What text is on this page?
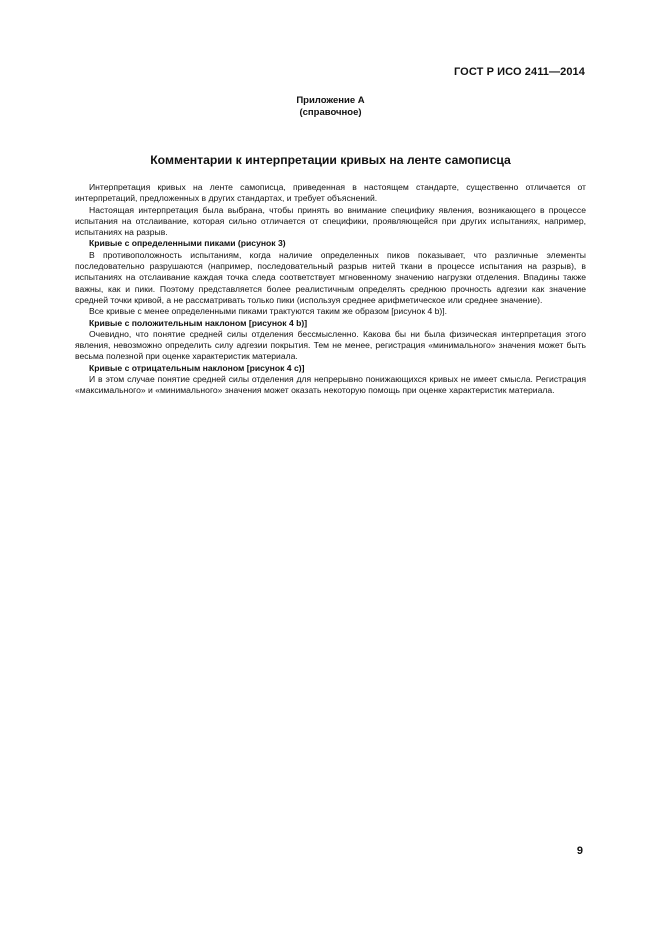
ГОСТ Р ИСО 2411—2014
Приложение А
(справочное)
Комментарии к интерпретации кривых на ленте самописца

Интерпретация кривых на ленте самописца, приведенная в настоящем стандарте, существенно отличается от интерпретаций, предложенных в других стандартах, и требует объяснений.

Настоящая интерпретация была выбрана, чтобы принять во внимание специфику явления, возникающего в процессе испытания на отслаивание, которая сильно отличается от специфики, проявляющейся при других испытаниях, например, испытаниях на разрыв.

Кривые с определенными пиками (рисунок 3)

В противоположность испытаниям, когда наличие определенных пиков показывает, что различные элементы последовательно разрушаются (например, последовательный разрыв нитей ткани в процессе испытания на разрыв), в испытаниях на отслаивание каждая точка следа соответствует мгновенному значению нагрузки отделения. Впадины также важны, как и пики. Поэтому представляется более реалистичным определять среднюю прочность адгезии как значение средней точки кривой, а не рассматривать только пики (используя среднее арифметическое или среднее значение).

Все кривые с менее определенными пиками трактуются таким же образом [рисунок 4 b)].

Кривые с положительным наклоном [рисунок 4 b)]

Очевидно, что понятие средней силы отделения бессмысленно. Какова бы ни была физическая интерпретация этого явления, невозможно определить силу адгезии покрытия. Тем не менее, регистрация «минимального» значения может быть весьма полезной при оценке характеристик материала.

Кривые с отрицательным наклоном [рисунок 4 с)]

И в этом случае понятие средней силы отделения для непрерывно понижающихся кривых не имеет смысла. Регистрация «максимального» и «минимального» значения может оказать некоторую помощь при оценке характеристик материала.

9
